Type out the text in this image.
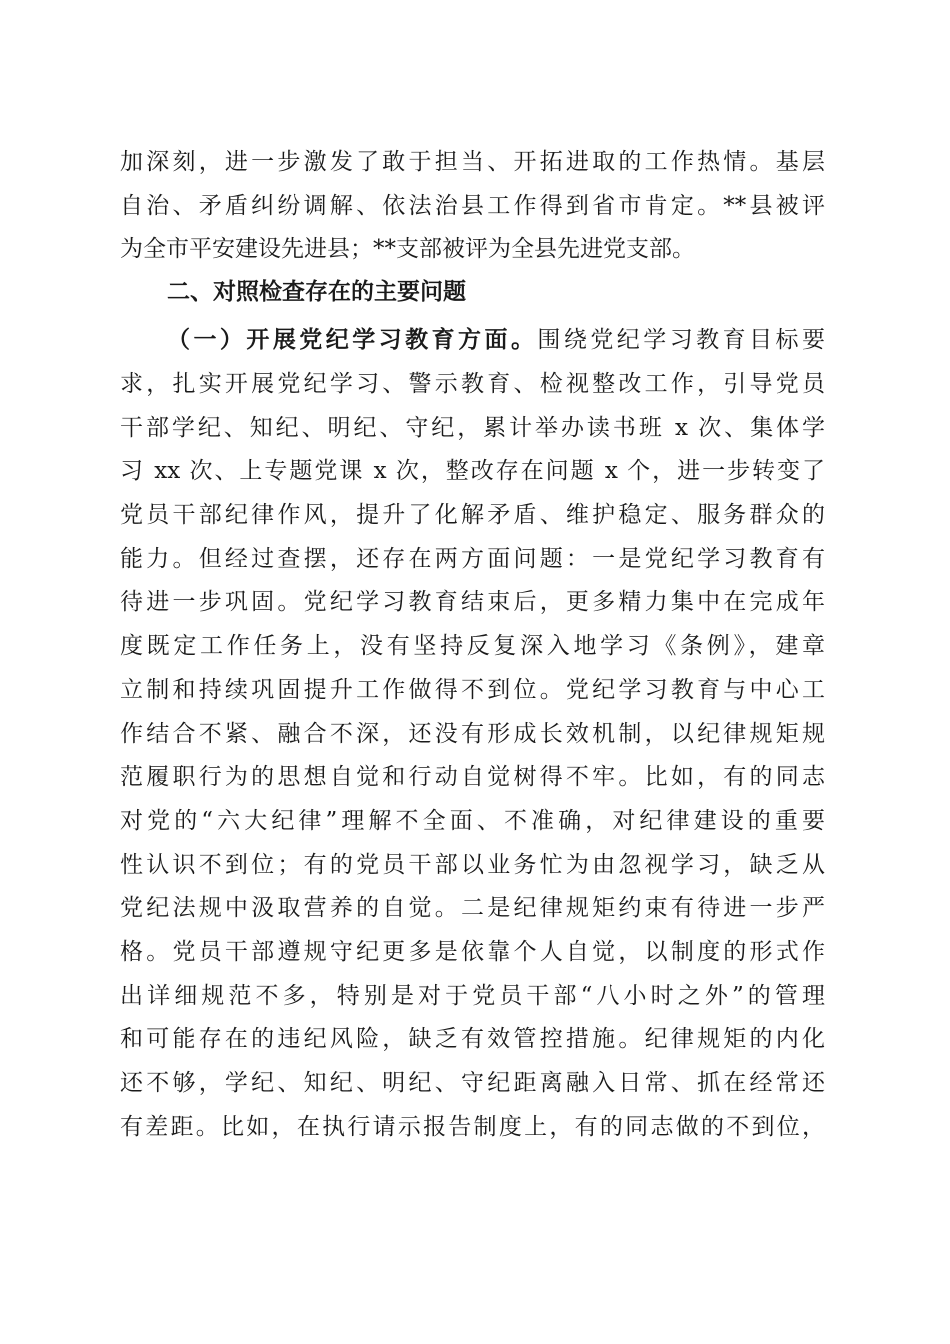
加深刻，进一步激发了敢于担当、开拓进取的工作热情。基层
自治、矛盾纠纷调解、依法治县工作得到省市肯定。**县被评
为全市平安建设先进县；**支部被评为全县先进党支部。
二、对照检查存在的主要问题
（一）开展党纪学习教育方面。围绕党纪学习教育目标要
求，扎实开展党纪学习、警示教育、检视整改工作，引导党员
干部学纪、知纪、明纪、守纪，累计举办读书班 x 次、集体学
习 xx 次、上专题党课 x 次，整改存在问题 x 个，进一步转变了
党员干部纪律作风，提升了化解矛盾、维护稳定、服务群众的
能力。但经过查摆，还存在两方面问题：一是党纪学习教育有
待进一步巩固。党纪学习教育结束后，更多精力集中在完成年
度既定工作任务上，没有坚持反复深入地学习《条例》，建章
立制和持续巩固提升工作做得不到位。党纪学习教育与中心工
作结合不紧、融合不深，还没有形成长效机制，以纪律规矩规
范履职行为的思想自觉和行动自觉树得不牢。比如，有的同志
对党的“六大纪律”理解不全面、不准确，对纪律建设的重要
性认识不到位；有的党员干部以业务忙为由忽视学习，缺乏从
党纪法规中汲取营养的自觉。二是纪律规矩约束有待进一步严
格。党员干部遵规守纪更多是依靠个人自觉，以制度的形式作
出详细规范不多，特别是对于党员干部“八小时之外”的管理
和可能存在的违纪风险，缺乏有效管控措施。纪律规矩的内化
还不够，学纪、知纪、明纪、守纪距离融入日常、抓在经常还
有差距。比如，在执行请示报告制度上，有的同志做的不到位，
